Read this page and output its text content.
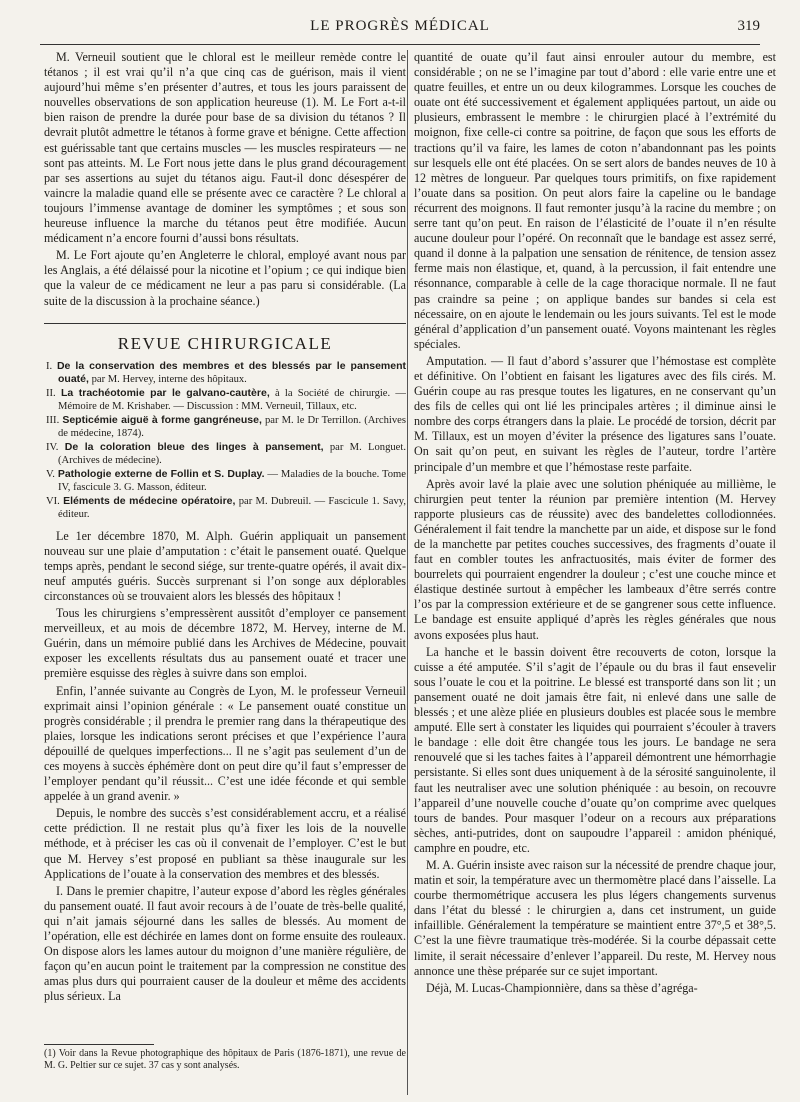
LE PROGRÈS MÉDICAL	319

M. Verneuil soutient que le chloral est le meilleur remède contre le tétanos ; il est vrai qu’il n’a que cinq cas de guérison, mais il vient aujourd’hui même s’en présenter d’autres, et tous les jours paraissent de nouvelles observations de son application heureuse (1). M. Le Fort a-t-il bien raison de prendre la durée pour base de sa division du tétanos ? Il devrait plutôt admettre le tétanos à forme grave et bénigne. Cette affection est guérissable tant que certains muscles — les muscles respirateurs — ne sont pas atteints. M. Le Fort nous jette dans le plus grand découragement par ses assertions au sujet du tétanos aigu. Faut-il donc désespérer de vaincre la maladie quand elle se présente avec ce caractère ? Le chloral a toujours l’immense avantage de dominer les symptômes ; et sous son heureuse influence la marche du tétanos peut être modifiée. Aucun médicament n’a encore fourni d’aussi bons résultats.

M. Le Fort ajoute qu’en Angleterre le chloral, employé avant nous par les Anglais, a été délaissé pour la nicotine et l’opium ; ce qui indique bien que la valeur de ce médicament ne leur a pas paru si considérable. (La suite de la discussion à la prochaine séance.)

REVUE CHIRURGICALE
I. De la conservation des membres et des blessés par le pansement ouaté, par M. Hervey, interne des hôpitaux.
II. La trachéotomie par le galvano-cautère, à la Société de chirurgie. — Mémoire de M. Krishaber. — Discussion : MM. Verneuil, Tillaux, etc.
III. Septicémie aiguë à forme gangréneuse, par M. le Dr Terrillon. (Archives de médecine, 1874).
IV. De la coloration bleue des linges à pansement, par M. Longuet. (Archives de médecine).
V. Pathologie externe de Follin et S. Duplay. — Maladies de la bouche. Tome IV, fascicule 3. G. Masson, éditeur.
VI. Eléments de médecine opératoire, par M. Dubreuil. — Fascicule 1. Savy, éditeur.

Le 1er décembre 1870, M. Alph. Guérin appliquait un pansement nouveau sur une plaie d’amputation : c’était le pansement ouaté. Quelque temps après, pendant le second siége, sur trente-quatre opérés, il avait dix-neuf amputés guéris. Succès surprenant si l’on songe aux déplorables circonstances où se trouvaient alors les blessés des hôpitaux !

Tous les chirurgiens s’empressèrent aussitôt d’employer ce pansement merveilleux, et au mois de décembre 1872, M. Hervey, interne de M. Guérin, dans un mémoire publié dans les Archives de Médecine, pouvait exposer les excellents résultats dus au pansement ouaté et tracer une première esquisse des règles à suivre dans son emploi.

Enfin, l’année suivante au Congrès de Lyon, M. le professeur Verneuil exprimait ainsi l’opinion générale : « Le pansement ouaté constitue un progrès considérable ; il prendra le premier rang dans la thérapeutique des plaies, lorsque les indications seront précises et que l’expérience l’aura dépouillé de quelques imperfections... Il ne s’agit pas seulement d’un de ces moyens à succès éphémère dont on peut dire qu’il faut s’empresser de l’employer pendant qu’il réussit... C’est une idée féconde et qui semble appelée à un grand avenir. »

Depuis, le nombre des succès s’est considérablement accru, et a réalisé cette prédiction. Il ne restait plus qu’à fixer les lois de la nouvelle méthode, et à préciser les cas où il convenait de l’employer. C’est le but que M. Hervey s’est proposé en publiant sa thèse inaugurale sur les Applications de l’ouate à la conservation des membres et des blessés.

I. Dans le premier chapitre, l’auteur expose d’abord les règles générales du pansement ouaté. Il faut avoir recours à de l’ouate de très-belle qualité, qui n’ait jamais séjourné dans les salles de blessés. Au moment de l’opération, elle est déchirée en lames dont on forme ensuite des rouleaux. On dispose alors les lames autour du moignon d’une manière régulière, de façon qu’en aucun point le traitement par la compression ne constitue des amas plus durs qui pourraient causer de la douleur et même des accidents plus sérieux. La

quantité de ouate qu’il faut ainsi enrouler autour du membre, est considérable ; on ne se l’imagine par tout d’abord : elle varie entre une et quatre feuilles, et entre un ou deux kilogrammes. Lorsque les couches de ouate ont été successivement et également appliquées partout, un aide ou plusieurs, embrassent le membre : le chirurgien placé à l’extrémité du moignon, fixe celle-ci contre sa poitrine, de façon que sous les efforts de tractions qu’il va faire, les lames de coton n’abandonnant pas les points sur lesquels elle ont été placées. On se sert alors de bandes neuves de 10 à 12 mètres de longueur. Par quelques tours primitifs, on fixe rapidement l’ouate dans sa position. On peut alors faire la capeline ou le bandage récurrent des moignons. Il faut remonter jusqu’à la racine du membre ; on serre tant qu’on peut. En raison de l’élasticité de l’ouate il n’en résulte aucune douleur pour l’opéré. On reconnaît que le bandage est assez serré, quand il donne à la palpation une sensation de rénitence, de tension assez ferme mais non élastique, et, quand, à la percussion, il fait entendre une résonnance, comparable à celle de la cage thoracique normale. Il ne faut pas craindre sa peine ; on applique bandes sur bandes si cela est nécessaire, on en ajoute le lendemain ou les jours suivants. Tel est le mode général d’application d’un pansement ouaté. Voyons maintenant les règles spéciales.

Amputation. — Il faut d’abord s’assurer que l’hémostase est complète et définitive. On l’obtient en faisant les ligatures avec des fils cirés. M. Guérin coupe au ras presque toutes les ligatures, en ne conservant qu’un des fils de celles qui ont lié les principales artères ; il diminue ainsi le nombre des corps étrangers dans la plaie. Le procédé de torsion, décrit par M. Tillaux, est un moyen d’éviter la présence des ligatures sans l’ouate. On sait qu’on peut, en suivant les règles de l’auteur, tordre l’artère principale d’un membre et que l’hémostase reste parfaite.

Après avoir lavé la plaie avec une solution phéniquée au millième, le chirurgien peut tenter la réunion par première intention (M. Hervey rapporte plusieurs cas de réussite) avec des bandelettes collodionnées. Généralement il fait tendre la manchette par un aide, et dispose sur le fond de la manchette par petites couches successives, des fragments d’ouate il faut en combler toutes les anfractuosités, mais éviter de former des bourrelets qui pourraient engendrer la douleur ; c’est une couche mince et élastique destinée surtout à empêcher les lambeaux d’être serrés contre l’os par la compression extérieure et de se gangrener sous cette influence. Le bandage est ensuite appliqué d’après les règles générales que nous avons exposées plus haut.

La hanche et le bassin doivent être recouverts de coton, lorsque la cuisse a été amputée. S’il s’agit de l’épaule ou du bras il faut ensevelir sous l’ouate le cou et la poitrine. Le blessé est transporté dans son lit ; un pansement ouaté ne doit jamais être fait, ni enlevé dans une salle de blessés ; et une alèze pliée en plusieurs doubles est placée sous le membre amputé. Elle sert à constater les liquides qui pourraient s’écouler à travers le bandage : elle doit être changée tous les jours. Le bandage ne sera renouvelé que si les taches faites à l’appareil démontrent une hémorrhagie persistante. Si elles sont dues uniquement à de la sérosité sanguinolente, il faut les neutraliser avec une solution phéniquée : au besoin, on recouvre l’appareil d’une nouvelle couche d’ouate qu’on comprime avec quelques tours de bandes. Pour masquer l’odeur on a recours aux préparations sèches, anti-putrides, dont on saupoudre l’appareil : amidon phéniqué, camphre en poudre, etc.

M. A. Guérin insiste avec raison sur la nécessité de prendre chaque jour, matin et soir, la température avec un thermomètre placé dans l’aisselle. La courbe thermométrique accusera les plus légers changements survenus dans l’état du blessé : le chirurgien a, dans cet instrument, un guide infaillible. Généralement la température se maintient entre 37°,5 et 38°,5. C’est la une fièvre traumatique très-modérée. Si la courbe dépassait cette limite, il serait nécessaire d’enlever l’appareil. Du reste, M. Hervey nous annonce une thèse préparée sur ce sujet important.

Déjà, M. Lucas-Championnière, dans sa thèse d’agréga-

(1) Voir dans la Revue photographique des hôpitaux de Paris (1876-1871), une revue de M. G. Peltier sur ce sujet. 37 cas y sont analysés.
